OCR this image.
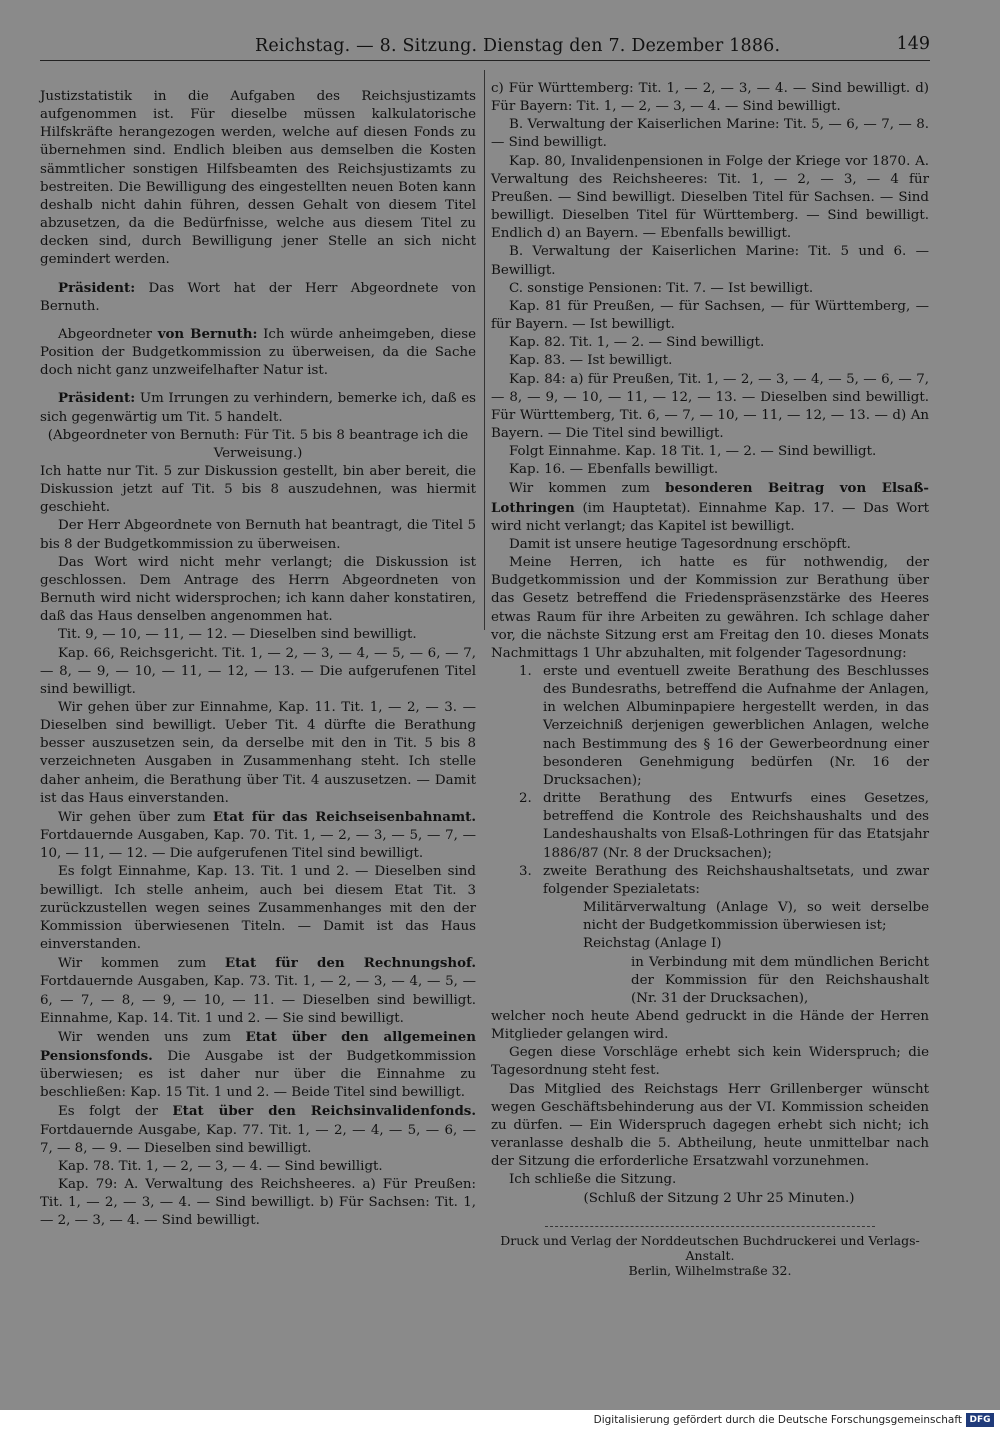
Reichstag. — 8. Sitzung. Dienstag den 7. Dezember 1886.	149

Justizstatistik in die Aufgaben des Reichsjustizamts aufgenommen ist. Für dieselbe müssen kalkulatorische Hilfskräfte herangezogen werden, welche auf diesen Fonds zu übernehmen sind. Endlich bleiben aus demselben die Kosten sämmtlicher sonstigen Hilfsbeamten des Reichsjustizamts zu bestreiten. Die Bewilligung des eingestellten neuen Boten kann deshalb nicht dahin führen, dessen Gehalt von diesem Titel abzusetzen, da die Bedürfnisse, welche aus diesem Titel zu decken sind, durch Bewilligung jener Stelle an sich nicht gemindert werden.

Präsident: Das Wort hat der Herr Abgeordnete von Bernuth.

Abgeordneter von Bernuth: Ich würde anheimgeben, diese Position der Budgetkommission zu überweisen, da die Sache doch nicht ganz unzweifelhafter Natur ist.

Präsident: Um Irrungen zu verhindern, bemerke ich, daß es sich gegenwärtig um Tit. 5 handelt.

(Abgeordneter von Bernuth: Für Tit. 5 bis 8 beantrage ich die Verweisung.)

Ich hatte nur Tit. 5 zur Diskussion gestellt, bin aber bereit, die Diskussion jetzt auf Tit. 5 bis 8 auszudehnen, was hiermit geschieht.

Der Herr Abgeordnete von Bernuth hat beantragt, die Titel 5 bis 8 der Budgetkommission zu überweisen.

Das Wort wird nicht mehr verlangt; die Diskussion ist geschlossen. Dem Antrage des Herrn Abgeordneten von Bernuth wird nicht widersprochen; ich kann daher konstatiren, daß das Haus denselben angenommen hat.

Tit. 9, — 10, — 11, — 12. — Dieselben sind bewilligt.

Kap. 66, Reichsgericht. Tit. 1, — 2, — 3, — 4, — 5, — 6, — 7, — 8, — 9, — 10, — 11, — 12, — 13. — Die aufgerufenen Titel sind bewilligt.

Wir gehen über zur Einnahme, Kap. 11. Tit. 1, — 2, — 3. — Dieselben sind bewilligt. Ueber Tit. 4 dürfte die Berathung besser auszusetzen sein, da derselbe mit den in Tit. 5 bis 8 verzeichneten Ausgaben in Zusammenhang steht. Ich stelle daher anheim, die Berathung über Tit. 4 auszusetzen. — Damit ist das Haus einverstanden.

Wir gehen über zum Etat für das Reichseisenbahnamt. Fortdauernde Ausgaben, Kap. 70. Tit. 1, — 2, — 3, — 5, — 7, — 10, — 11, — 12. — Die aufgerufenen Titel sind bewilligt.

Es folgt Einnahme, Kap. 13. Tit. 1 und 2. — Dieselben sind bewilligt. Ich stelle anheim, auch bei diesem Etat Tit. 3 zurückzustellen wegen seines Zusammenhanges mit den der Kommission überwiesenen Titeln. — Damit ist das Haus einverstanden.

Wir kommen zum Etat für den Rechnungshof. Fortdauernde Ausgaben, Kap. 73. Tit. 1, — 2, — 3, — 4, — 5, — 6, — 7, — 8, — 9, — 10, — 11. — Dieselben sind bewilligt. Einnahme, Kap. 14. Tit. 1 und 2. — Sie sind bewilligt.

Wir wenden uns zum Etat über den allgemeinen Pensionsfonds. Die Ausgabe ist der Budgetkommission überwiesen; es ist daher nur über die Einnahme zu beschließen: Kap. 15 Tit. 1 und 2. — Beide Titel sind bewilligt.

Es folgt der Etat über den Reichsinvalidenfonds. Fortdauernde Ausgabe, Kap. 77. Tit. 1, — 2, — 4, — 5, — 6, — 7, — 8, — 9. — Dieselben sind bewilligt.

Kap. 78. Tit. 1, — 2, — 3, — 4. — Sind bewilligt.

Kap. 79: A. Verwaltung des Reichsheeres. a) Für Preußen: Tit. 1, — 2, — 3, — 4. — Sind bewilligt. b) Für Sachsen: Tit. 1, — 2, — 3, — 4. — Sind bewilligt.

c) Für Württemberg: Tit. 1, — 2, — 3, — 4. — Sind bewilligt. d) Für Bayern: Tit. 1, — 2, — 3, — 4. — Sind bewilligt.

B. Verwaltung der Kaiserlichen Marine: Tit. 5, — 6, — 7, — 8. — Sind bewilligt.

Kap. 80, Invalidenpensionen in Folge der Kriege vor 1870. A. Verwaltung des Reichsheeres: Tit. 1, — 2, — 3, — 4 für Preußen. — Sind bewilligt. Dieselben Titel für Sachsen. — Sind bewilligt. Dieselben Titel für Württemberg. — Sind bewilligt. Endlich d) an Bayern. — Ebenfalls bewilligt.

B. Verwaltung der Kaiserlichen Marine: Tit. 5 und 6. — Bewilligt.

C. sonstige Pensionen: Tit. 7. — Ist bewilligt.

Kap. 81 für Preußen, — für Sachsen, — für Württemberg, — für Bayern. — Ist bewilligt.

Kap. 82. Tit. 1, — 2. — Sind bewilligt.

Kap. 83. — Ist bewilligt.

Kap. 84: a) für Preußen, Tit. 1, — 2, — 3, — 4, — 5, — 6, — 7, — 8, — 9, — 10, — 11, — 12, — 13. — Dieselben sind bewilligt. Für Württemberg, Tit. 6, — 7, — 10, — 11, — 12, — 13. — d) An Bayern. — Die Titel sind bewilligt.

Folgt Einnahme. Kap. 18 Tit. 1, — 2. — Sind bewilligt.

Kap. 16. — Ebenfalls bewilligt.

Wir kommen zum besonderen Beitrag von Elsaß-Lothringen (im Hauptetat). Einnahme Kap. 17. — Das Wort wird nicht verlangt; das Kapitel ist bewilligt.

Damit ist unsere heutige Tagesordnung erschöpft.

Meine Herren, ich hatte es für nothwendig, der Budgetkommission und der Kommission zur Berathung über das Gesetz betreffend die Friedenspräsenzstärke des Heeres etwas Raum für ihre Arbeiten zu gewähren. Ich schlage daher vor, die nächste Sitzung erst am Freitag den 10. dieses Monats Nachmittags 1 Uhr abzuhalten, mit folgender Tagesordnung:

1. erste und eventuell zweite Berathung des Beschlusses des Bundesraths, betreffend die Aufnahme der Anlagen, in welchen Albuminpapiere hergestellt werden, in das Verzeichniß derjenigen gewerblichen Anlagen, welche nach Bestimmung des § 16 der Gewerbeordnung einer besonderen Genehmigung bedürfen (Nr. 16 der Drucksachen);
2. dritte Berathung des Entwurfs eines Gesetzes, betreffend die Kontrole des Reichshaushalts und des Landeshaushalts von Elsaß-Lothringen für das Etatsjahr 1886/87 (Nr. 8 der Drucksachen);
3. zweite Berathung des Reichshaushaltsetats, und zwar folgender Spezialetats:

Militärverwaltung (Anlage V), so weit derselbe nicht der Budgetkommission überwiesen ist;

Reichstag (Anlage I)

in Verbindung mit dem mündlichen Bericht der Kommission für den Reichshaushalt (Nr. 31 der Drucksachen),

welcher noch heute Abend gedruckt in die Hände der Herren Mitglieder gelangen wird.

Gegen diese Vorschläge erhebt sich kein Widerspruch; die Tagesordnung steht fest.

Das Mitglied des Reichstags Herr Grillenberger wünscht wegen Geschäftsbehinderung aus der VI. Kommission scheiden zu dürfen. — Ein Widerspruch dagegen erhebt sich nicht; ich veranlasse deshalb die 5. Abtheilung, heute unmittelbar nach der Sitzung die erforderliche Ersatzwahl vorzunehmen.

Ich schließe die Sitzung.

(Schluß der Sitzung 2 Uhr 25 Minuten.)

Druck und Verlag der Norddeutschen Buchdruckerei und Verlags-Anstalt.
Berlin, Wilhelmstraße 32.
Digitalisierung gefördert durch die Deutsche Forschungsgemeinschaft DFG
